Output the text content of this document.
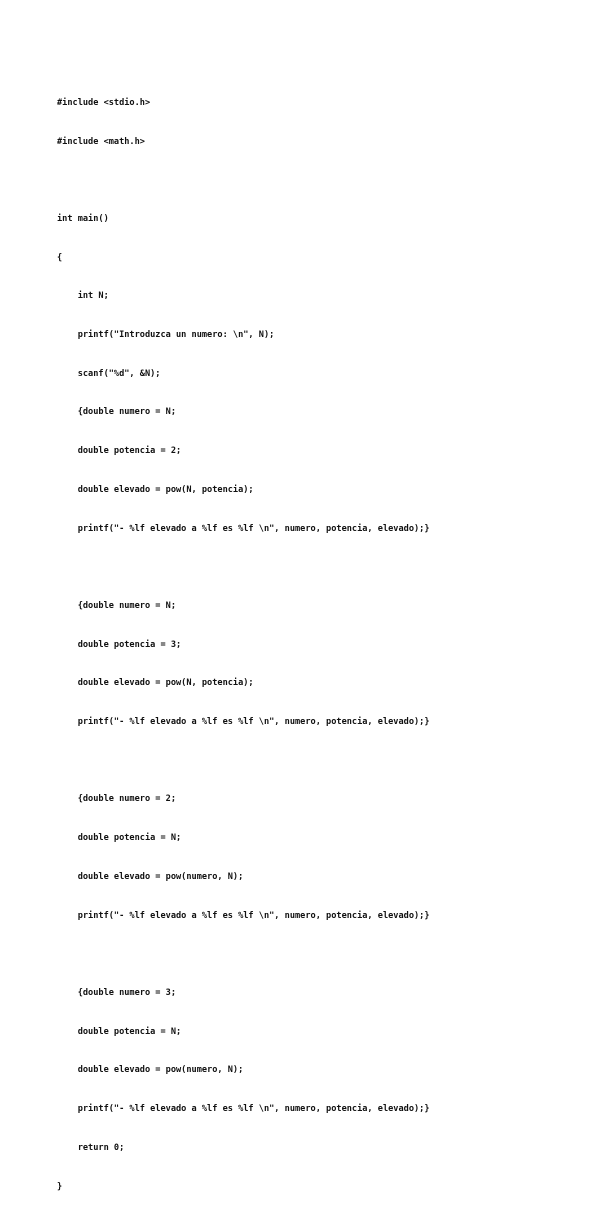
#include <stdio.h>

#include <math.h>

int main()

{

int N;

printf("Introduzca un numero: \n", N);

scanf("%d", &N);

{double numero = N;

double potencia = 2;

double elevado = pow(N, potencia);

printf("- %lf elevado a %lf es %lf \n", numero, potencia, elevado);}

{double numero = N;

double potencia = 3;

double elevado = pow(N, potencia);

printf("- %lf elevado a %lf es %lf \n", numero, potencia, elevado);}

{double numero = 2;

double potencia = N;

double elevado = pow(numero, N);

printf("- %lf elevado a %lf es %lf \n", numero, potencia, elevado);}

{double numero = 3;

double potencia = N;

double elevado = pow(numero, N);

printf("- %lf elevado a %lf es %lf \n", numero, potencia, elevado);}

return 0;

}
